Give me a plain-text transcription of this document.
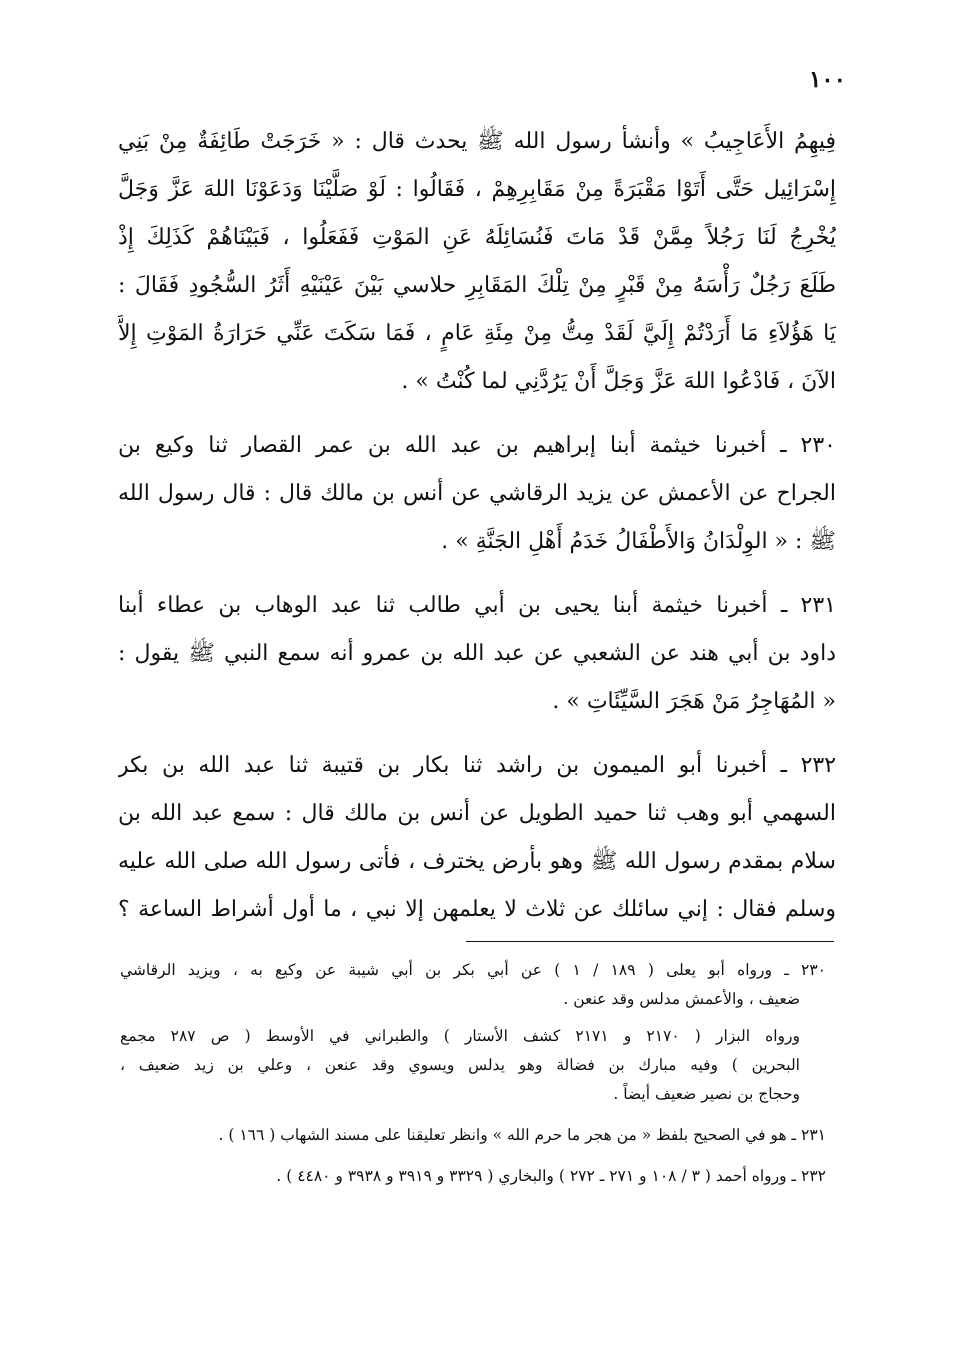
١٠٠
فِيهِمُ الأَعَاجِيبُ » وأنشأ رسول الله ﷺ يحدث قال : « خَرَجَتْ طَائِفَةٌ مِنْ بَنِي
إِسْرَائِيل حَتَّى أَتَوْا مَقْبَرَةً مِنْ مَقَابِرِهِمْ ، فَقَالُوا : لَوْ صَلَّيْنَا وَدَعَوْنَا اللهَ عَزَّ وَجَلَّ
يُخْرِجُ لَنَا رَجُلاً مِمَّنْ قَدْ مَاتَ فَنُسَائِلَهُ عَنِ المَوْتِ فَفَعَلُوا ، فَبَيْنَاهُمْ كَذَلِكَ إِذْ
طَلَعَ رَجُلٌ رَأْسَهُ مِنْ قَبْرٍ مِنْ تِلْكَ المَقَابِرِ حلاسي بَيْنَ عَيْنَيْهِ أَثَرُ السُّجُودِ فَقَالَ :
يَا هَؤُلاَءِ مَا أَرَدْتُمْ إِلَيَّ لَقَدْ مِتُّ مِنْ مِئَةِ عَامٍ ، فَمَا سَكَتَ عَنِّي حَرَارَةُ المَوْتِ إِلاَّ
الآنَ ، فَادْعُوا اللهَ عَزَّ وَجَلَّ أَنْ يَرُدَّنِي لما كُنْتُ » .
٢٣٠ ـ أخبرنا خيثمة أبنا إبراهيم بن عبد الله بن عمر القصار ثنا وكيع بن
الجراح عن الأعمش عن يزيد الرقاشي عن أنس بن مالك قال : قال رسول الله
ﷺ : « الوِلْدَانُ وَالأَطْفَالُ خَدَمُ أَهْلِ الجَنَّةِ » .
٢٣١ ـ أخبرنا خيثمة أبنا يحيى بن أبي طالب ثنا عبد الوهاب بن عطاء أبنا
داود بن أبي هند عن الشعبي عن عبد الله بن عمرو أنه سمع النبي ﷺ يقول :
« المُهَاجِرُ مَنْ هَجَرَ السَّيِّئَاتِ » .
٢٣٢ ـ أخبرنا أبو الميمون بن راشد ثنا بكار بن قتيبة ثنا عبد الله بن بكر
السهمي أبو وهب ثنا حميد الطويل عن أنس بن مالك قال : سمع عبد الله بن
سلام بمقدم رسول الله ﷺ وهو بأرض يخترف ، فأتى رسول الله صلى الله عليه
وسلم فقال : إني سائلك عن ثلاث لا يعلمهن إلا نبي ، ما أول أشراط الساعة ؟
٢٣٠ ـ ورواه أبو يعلى ( ١٨٩ / ١ ) عن أبي بكر بن أبي شيبة عن وكيع به ، ويزيد الرقاشي
ضعيف ، والأعمش مدلس وقد عنعن .
ورواه البزار ( ٢١٧٠ و ٢١٧١ كشف الأستار ) والطبراني في الأوسط ( ص ٢٨٧ مجمع
البحرين ) وفيه مبارك بن فضالة وهو يدلس ويسوي وقد عنعن ، وعلي بن زيد ضعيف ،
وحجاج بن نصير ضعيف أيضاً .
٢٣١ ـ هو في الصحيح بلفظ « من هجر ما حرم الله » وانظر تعليقنا على مسند الشهاب ( ١٦٦ ) .
٢٣٢ ـ ورواه أحمد ( ٣ / ١٠٨ و ٢٧١ ـ ٢٧٢ ) والبخاري ( ٣٣٢٩ و ٣٩١٩ و ٣٩٣٨ و ٤٤٨٠ ) .
